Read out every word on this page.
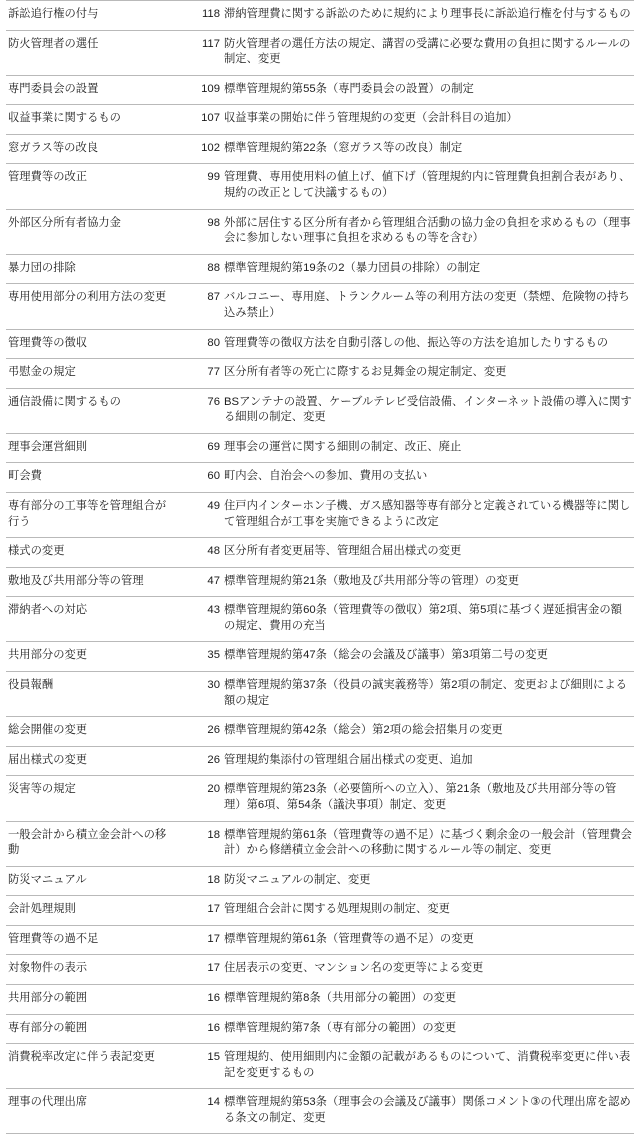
訴訟追行権の付与	118	滞納管理費に関する訴訟のために規約により理事長に訴訟追行権を付与するもの
防火管理者の選任	117	防火管理者の選任方法の規定、講習の受講に必要な費用の負担に関するルールの制定、変更
専門委員会の設置	109	標準管理規約第55条（専門委員会の設置）の制定
収益事業に関するもの	107	収益事業の開始に伴う管理規約の変更（会計科目の追加）
窓ガラス等の改良	102	標準管理規約第22条（窓ガラス等の改良）制定
管理費等の改正	99	管理費、専用使用料の値上げ、値下げ（管理規約内に管理費負担割合表があり、規約の改正として決議するもの）
外部区分所有者協力金	98	外部に居住する区分所有者から管理組合活動の協力金の負担を求めるもの（理事会に参加しない理事に負担を求めるもの等を含む）
暴力団の排除	88	標準管理規約第19条の2（暴力団員の排除）の制定
専用使用部分の利用方法の変更	87	バルコニー、専用庭、トランクルーム等の利用方法の変更（禁煙、危険物の持ち込み禁止）
管理費等の徴収	80	管理費等の徴収方法を自動引落しの他、振込等の方法を追加したりするもの
弔慰金の規定	77	区分所有者等の死亡に際するお見舞金の規定制定、変更
通信設備に関するもの	76	BSアンテナの設置、ケーブルテレビ受信設備、インターネット設備の導入に関する細則の制定、変更
理事会運営細則	69	理事会の運営に関する細則の制定、改正、廃止
町会費	60	町内会、自治会への参加、費用の支払い
専有部分の工事等を管理組合が行う	49	住戸内インターホン子機、ガス感知器等専有部分と定義されている機器等に関して管理組合が工事を実施できるように改定
様式の変更	48	区分所有者変更届等、管理組合届出様式の変更
敷地及び共用部分等の管理	47	標準管理規約第21条（敷地及び共用部分等の管理）の変更
滞納者への対応	43	標準管理規約第60条（管理費等の徴収）第2項、第5項に基づく遅延損害金の額の規定、費用の充当
共用部分の変更	35	標準管理規約第47条（総会の会議及び議事）第3項第二号の変更
役員報酬	30	標準管理規約第37条（役員の誠実義務等）第2項の制定、変更および細則による額の規定
総会開催の変更	26	標準管理規約第42条（総会）第2項の総会招集月の変更
届出様式の変更	26	管理規約集添付の管理組合届出様式の変更、追加
災害等の規定	20	標準管理規約第23条（必要箇所への立入）、第21条（敷地及び共用部分等の管理）第6項、第54条（議決事項）制定、変更
一般会計から積立金会計への移動	18	標準管理規約第61条（管理費等の過不足）に基づく剰余金の一般会計（管理費会計）から修繕積立金会計への移動に関するルール等の制定、変更
防災マニュアル	18	防災マニュアルの制定、変更
会計処理規則	17	管理組合会計に関する処理規則の制定、変更
管理費等の過不足	17	標準管理規約第61条（管理費等の過不足）の変更
対象物件の表示	17	住居表示の変更、マンション名の変更等による変更
共用部分の範囲	16	標準管理規約第8条（共用部分の範囲）の変更
専有部分の範囲	16	標準管理規約第7条（専有部分の範囲）の変更
消費税率改定に伴う表記変更	15	管理規約、使用細則内に金額の記載があるものについて、消費税率変更に伴い表記を変更するもの
理事の代理出席	14	標準管理規約第53条（理事会の会議及び議事）関係コメント③の代理出席を認める条文の制定、変更
